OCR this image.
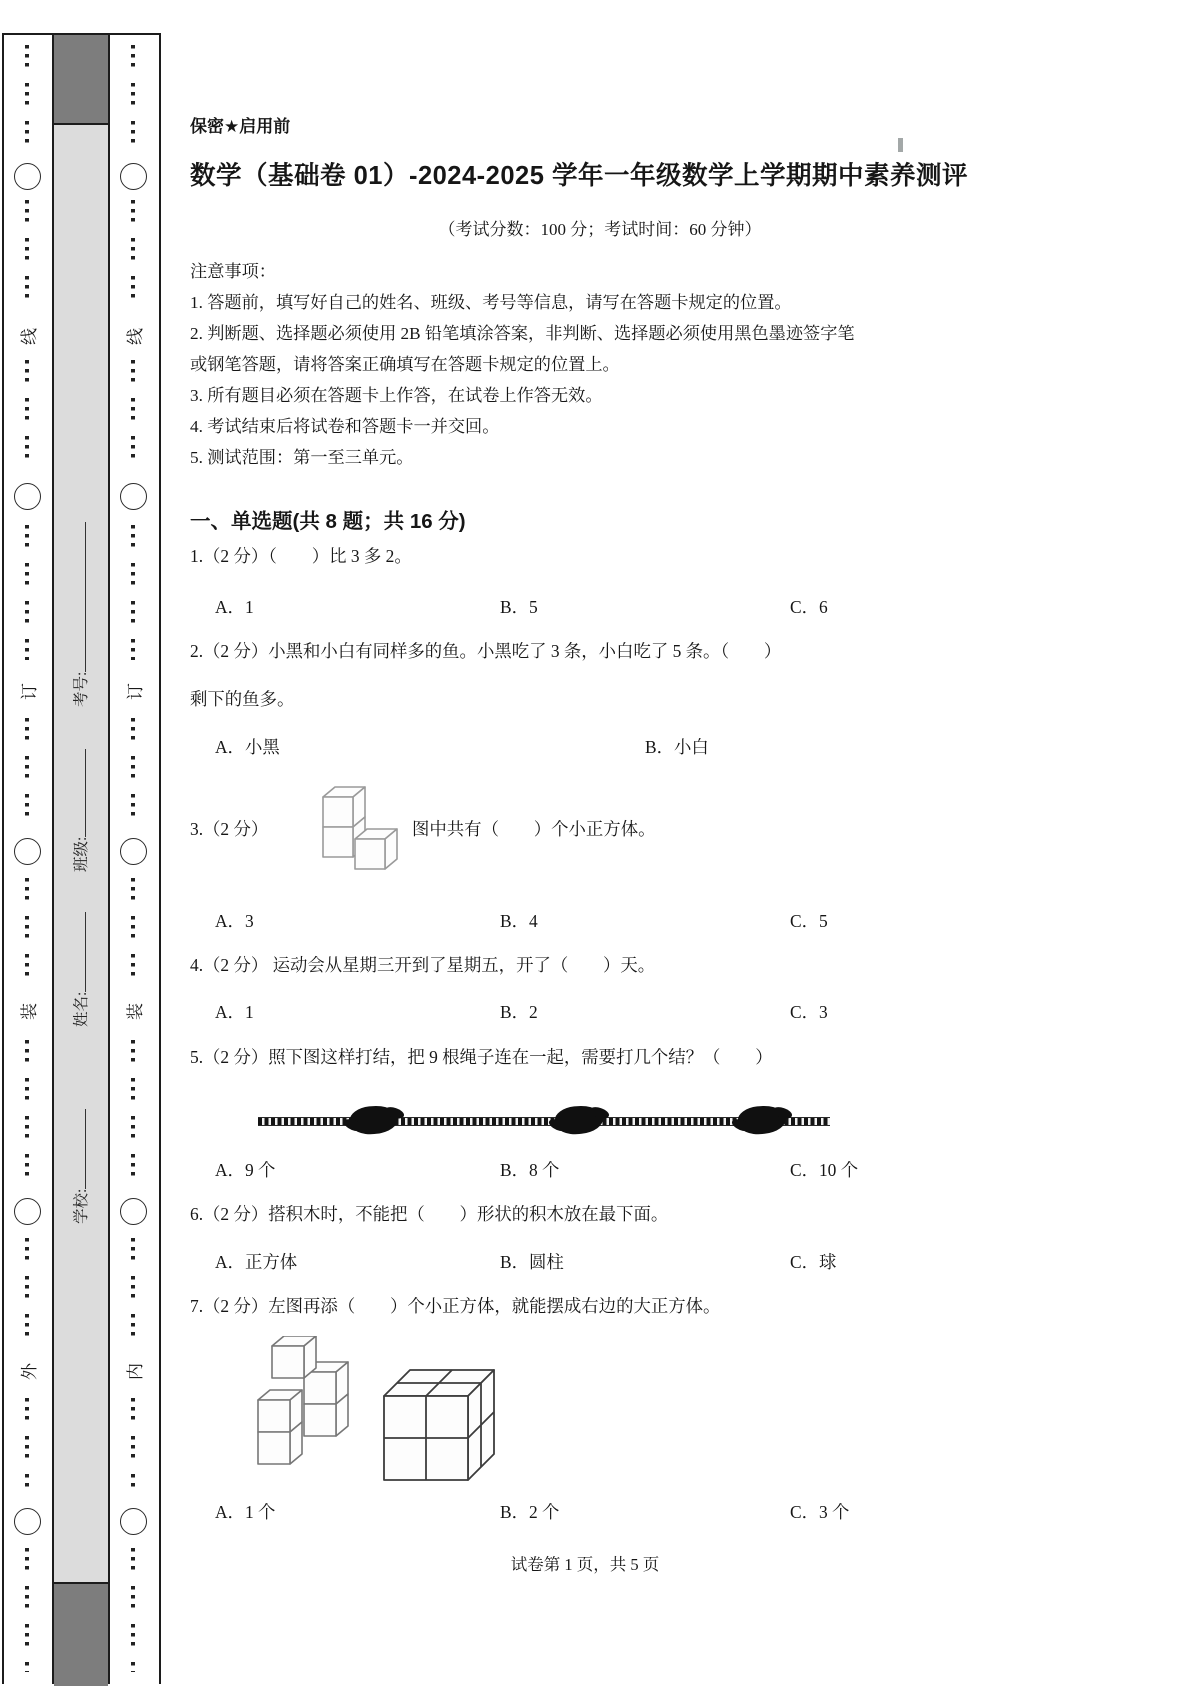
考号:
班级:
姓名:
学校:
线
订
装
外
线
订
装
内
保密★启用前
数学（基础卷 01）-2024-2025 学年一年级数学上学期期中素养测评
（考试分数：100 分；考试时间：60 分钟）
注意事项：
1. 答题前，填写好自己的姓名、班级、考号等信息，请写在答题卡规定的位置。
2. 判断题、选择题必须使用 2B 铅笔填涂答案，非判断、选择题必须使用黑色墨迹签字笔
或钢笔答题，请将答案正确填写在答题卡规定的位置上。
3. 所有题目必须在答题卡上作答，在试卷上作答无效。
4. 考试结束后将试卷和答题卡一并交回。
5. 测试范围：第一至三单元。
一、单选题(共 8 题；共 16 分)
1.（2 分）（　　）比 3 多 2。
A．1	B．5	C．6
2.（2 分）小黑和小白有同样多的鱼。小黑吃了 3 条，小白吃了 5 条。（　　）
剩下的鱼多。
A．小黑	B．小白
3.（2 分）	图中共有（　　）个小正方体。
A．3	B．4	C．5
4.（2 分） 运动会从星期三开到了星期五，开了（　　）天。
A．1	B．2	C．3
5.（2 分）照下图这样打结，把 9 根绳子连在一起，需要打几个结？（　　）
A．9 个	B．8 个	C．10 个
6.（2 分）搭积木时，不能把（　　）形状的积木放在最下面。
A．正方体	B．圆柱	C．球
7.（2 分）左图再添（　　）个小正方体，就能摆成右边的大正方体。
A．1 个	B．2 个	C．3 个
试卷第 1 页，共 5 页
